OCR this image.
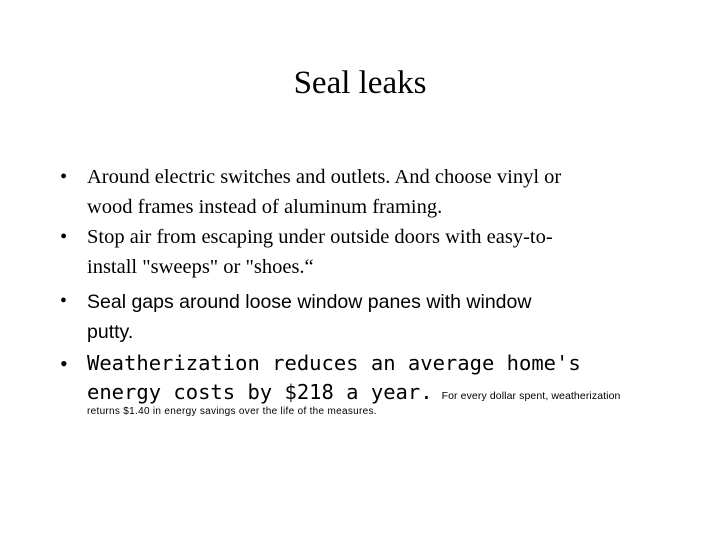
Seal leaks
• Around electric switches and outlets. And choose vinyl or
wood frames instead of aluminum framing.
• Stop air from escaping under outside doors with easy-to-
install "sweeps" or "shoes.“
• Seal gaps around loose window panes with window
putty.
• Weatherization reduces an average home's
energy costs by $218 a year. For every dollar spent, weatherization
returns $1.40 in energy savings over the life of the measures.
